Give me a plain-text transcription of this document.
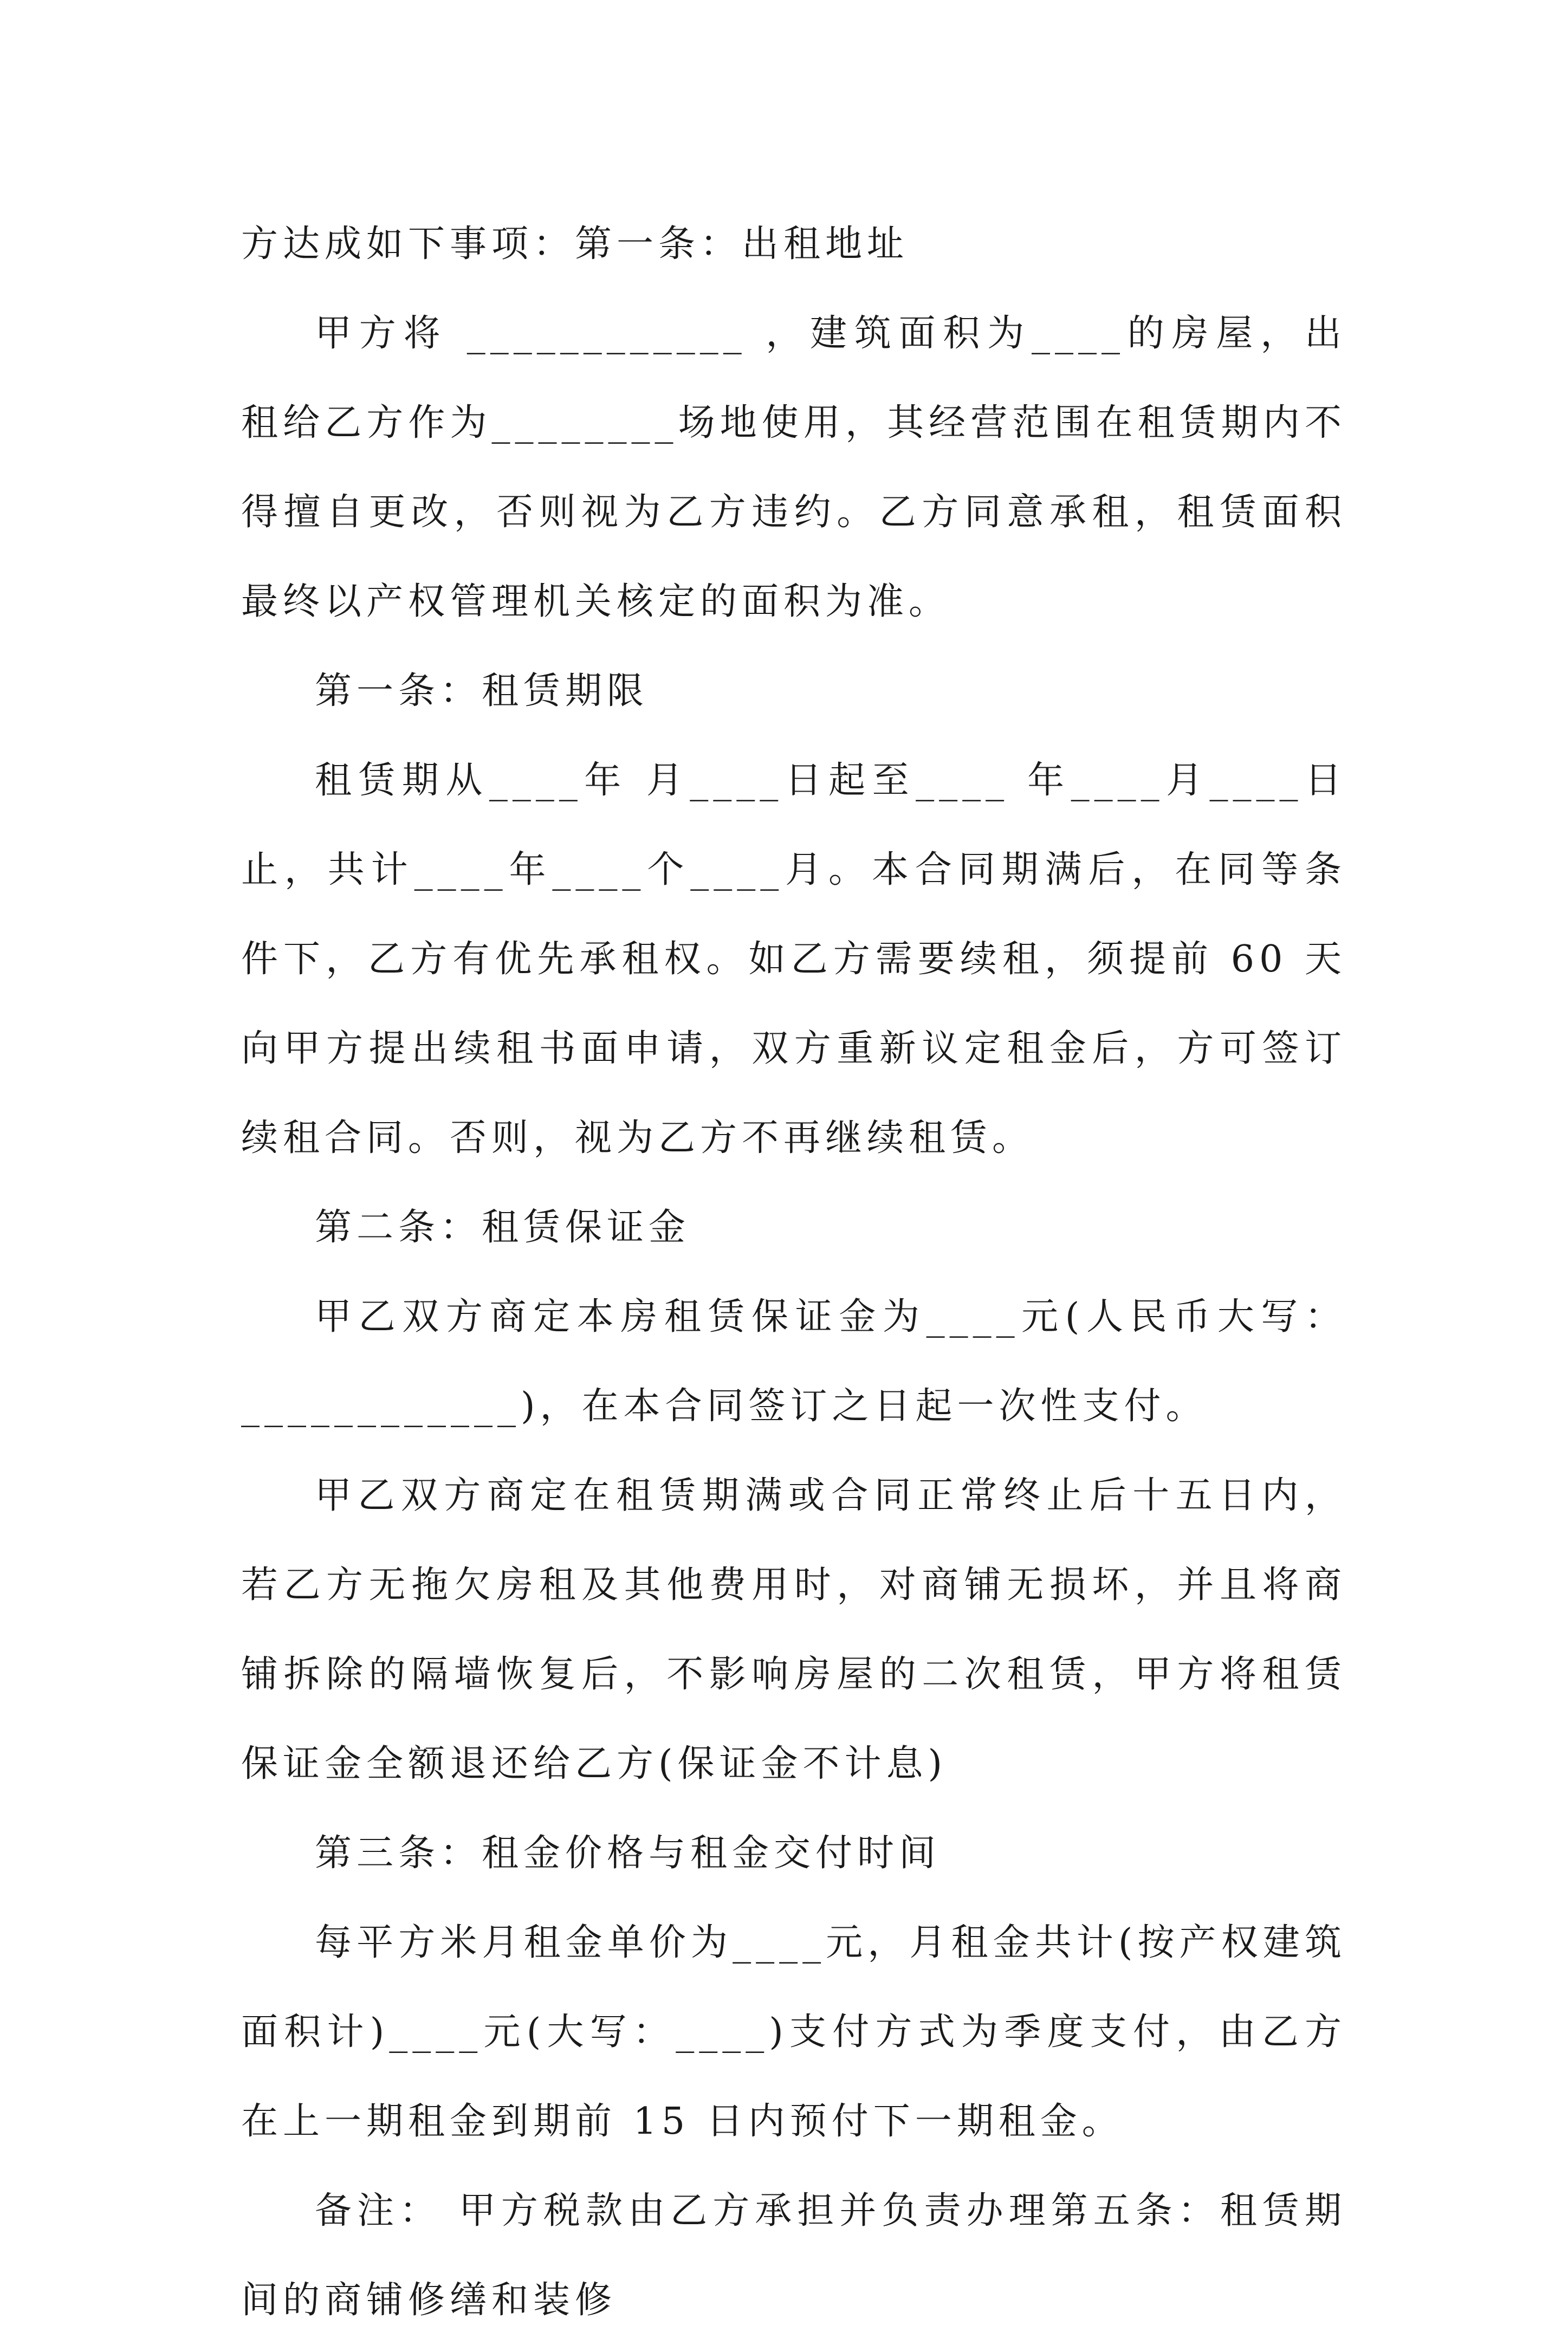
方达成如下事项：第一条：出租地址

甲方将 ____________ ，建筑面积为____的房屋，出租给乙方作为________场地使用，其经营范围在租赁期内不得擅自更改，否则视为乙方违约。乙方同意承租，租赁面积最终以产权管理机关核定的面积为准。

第一条：租赁期限

租赁期从____年 月____日起至____ 年____月____日止，共计____年____个____月。本合同期满后，在同等条件下，乙方有优先承租权。如乙方需要续租，须提前 60 天向甲方提出续租书面申请，双方重新议定租金后，方可签订续租合同。否则，视为乙方不再继续租赁。

第二条：租赁保证金

甲乙双方商定本房租赁保证金为____元(人民币大写：____________)，在本合同签订之日起一次性支付。

甲乙双方商定在租赁期满或合同正常终止后十五日内，若乙方无拖欠房租及其他费用时，对商铺无损坏，并且将商铺拆除的隔墙恢复后，不影响房屋的二次租赁，甲方将租赁保证金全额退还给乙方(保证金不计息)

第三条：租金价格与租金交付时间

每平方米月租金单价为____元，月租金共计(按产权建筑面积计)____元(大写：____)支付方式为季度支付，由乙方在上一期租金到期前 15 日内预付下一期租金。

备注： 甲方税款由乙方承担并负责办理第五条：租赁期间的商铺修缮和装修
